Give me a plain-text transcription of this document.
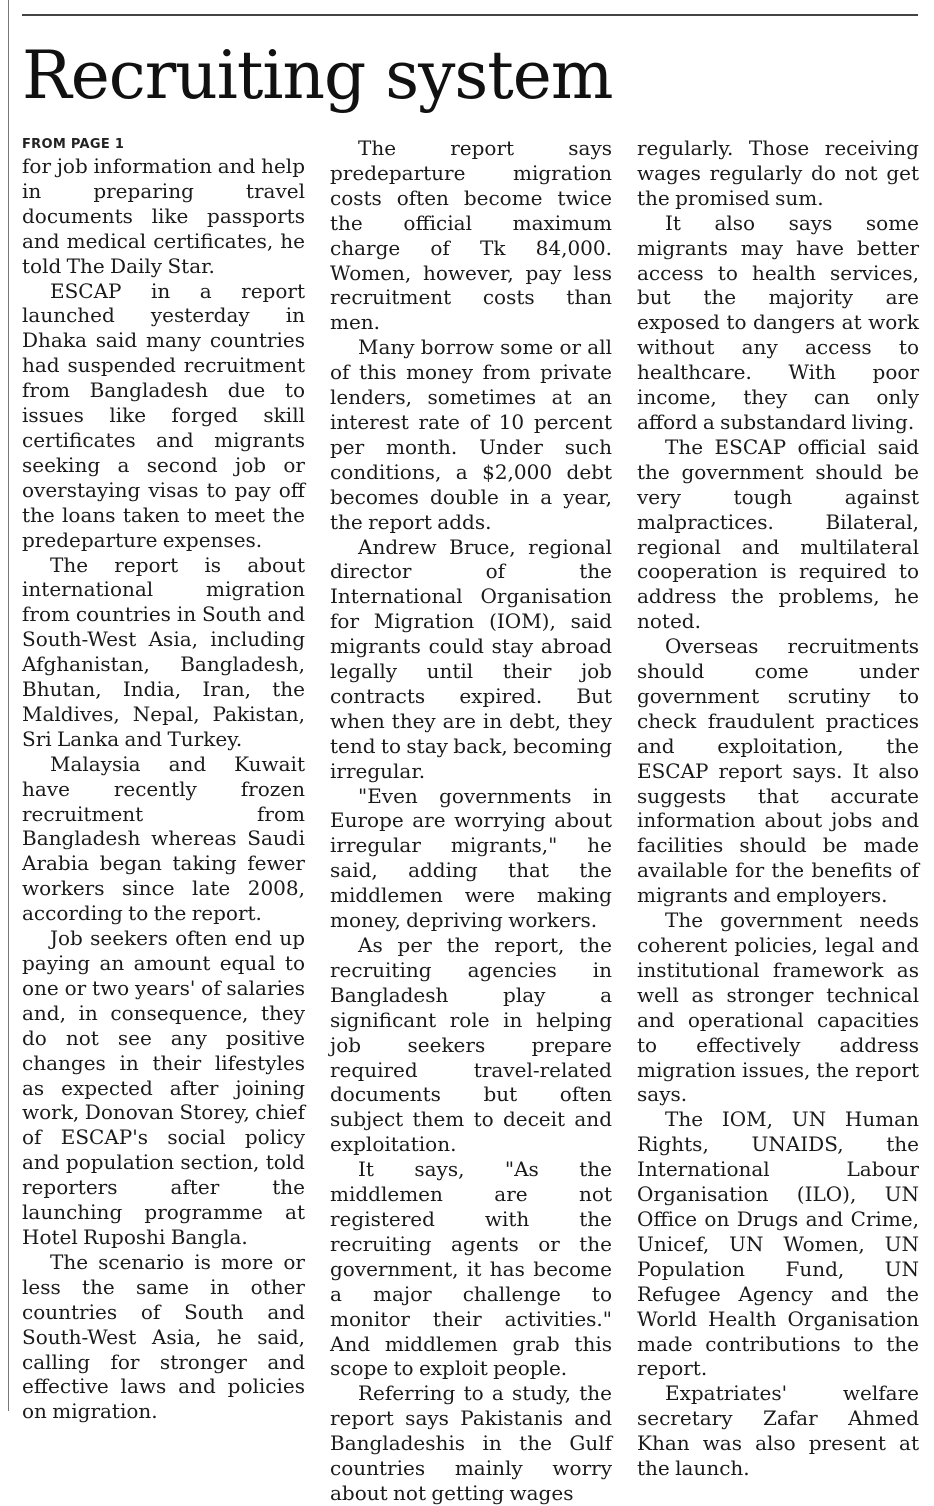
Recruiting system
FROM PAGE 1

for job information and help in preparing travel documents like passports and medical certificates, he told The Daily Star.

ESCAP in a report launched yesterday in Dhaka said many countries had suspended recruitment from Bangladesh due to issues like forged skill certificates and migrants seeking a second job or overstaying visas to pay off the loans taken to meet the predeparture expenses.

The report is about international migration from countries in South and South-West Asia, including Afghanistan, Bangladesh, Bhutan, India, Iran, the Maldives, Nepal, Pakistan, Sri Lanka and Turkey.

Malaysia and Kuwait have recently frozen recruitment from Bangladesh whereas Saudi Arabia began taking fewer workers since late 2008, according to the report.

Job seekers often end up paying an amount equal to one or two years' of salaries and, in consequence, they do not see any positive changes in their lifestyles as expected after joining work, Donovan Storey, chief of ESCAP's social policy and population section, told reporters after the launching programme at Hotel Ruposhi Bangla.

The scenario is more or less the same in other countries of South and South-West Asia, he said, calling for stronger and effective laws and policies on migration.

The report says predeparture migration costs often become twice the official maximum charge of Tk 84,000. Women, however, pay less recruitment costs than men.

Many borrow some or all of this money from private lenders, sometimes at an interest rate of 10 percent per month. Under such conditions, a $2,000 debt becomes double in a year, the report adds.

Andrew Bruce, regional director of the International Organisation for Migration (IOM), said migrants could stay abroad legally until their job contracts expired. But when they are in debt, they tend to stay back, becoming irregular.

"Even governments in Europe are worrying about irregular migrants," he said, adding that the middlemen were making money, depriving workers.

As per the report, the recruiting agencies in Bangladesh play a significant role in helping job seekers prepare required travel-related documents but often subject them to deceit and exploitation.

It says, "As the middlemen are not registered with the recruiting agents or the government, it has become a major challenge to monitor their activities." And middlemen grab this scope to exploit people.

Referring to a study, the report says Pakistanis and Bangladeshis in the Gulf countries mainly worry about not getting wages

regularly. Those receiving wages regularly do not get the promised sum.

It also says some migrants may have better access to health services, but the majority are exposed to dangers at work without any access to healthcare. With poor income, they can only afford a substandard living.

The ESCAP official said the government should be very tough against malpractices. Bilateral, regional and multilateral cooperation is required to address the problems, he noted.

Overseas recruitments should come under government scrutiny to check fraudulent practices and exploitation, the ESCAP report says. It also suggests that accurate information about jobs and facilities should be made available for the benefits of migrants and employers.

The government needs coherent policies, legal and institutional framework as well as stronger technical and operational capacities to effectively address migration issues, the report says.

The IOM, UN Human Rights, UNAIDS, the International Labour Organisation (ILO), UN Office on Drugs and Crime, Unicef, UN Women, UN Population Fund, UN Refugee Agency and the World Health Organisation made contributions to the report.

Expatriates' welfare secretary Zafar Ahmed Khan was also present at the launch.
